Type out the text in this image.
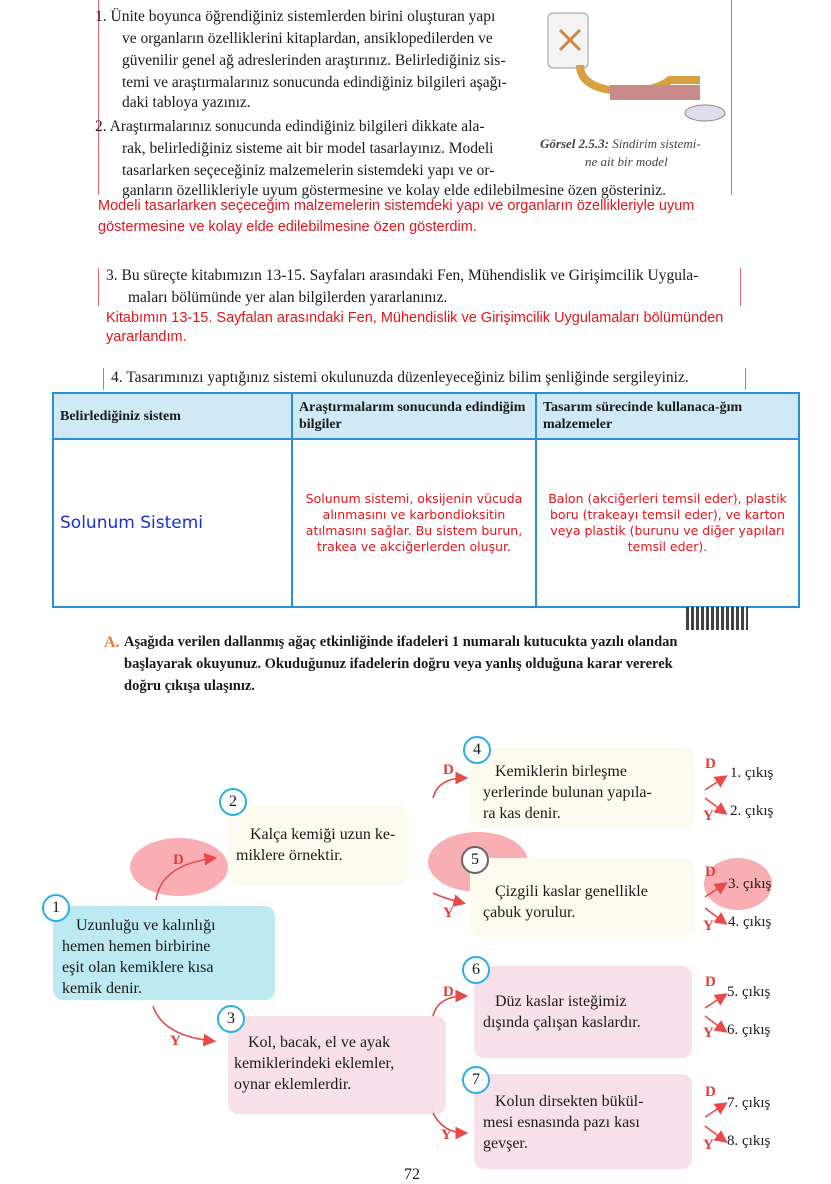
1. Ünite boyunca öğrendiğiniz sistemlerden birini oluşturan yapı
ve organların özelliklerini kitaplardan, ansiklopedilerden ve
güvenilir genel ağ adreslerinden araştırınız. Belirlediğiniz sis-
temi ve araştırmalarınız sonucunda edindiğiniz bilgileri aşağı-
daki tabloya yazınız.
2. Araştırmalarınız sonucunda edindiğiniz bilgileri dikkate ala-
rak, belirlediğiniz sisteme ait bir model tasarlayınız. Modeli
tasarlarken seçeceğiniz malzemelerin sistemdeki yapı ve or-
ganların özellikleriyle uyum göstermesine ve kolay elde edilebilmesine özen gösteriniz.
Modeli tasarlarken seçeceğim malzemelerin sistemdeki yapı ve organların özellikleriyle uyum
göstermesine ve kolay elde edilebilmesine özen gösterdim.
Görsel 2.5.3: Sindirim sistemi-
ne ait bir model
3. Bu süreçte kitabımızın 13-15. Sayfaları arasındaki Fen, Mühendislik ve Girişimcilik Uygula-
maları bölümünde yer alan bilgilerden yararlanınız.
Kitabımın 13-15. Sayfalan arasındaki Fen, Mühendislik ve Girişimcilik Uygulamaları bölümünden
yararlandım.
4. Tasarımınızı yaptığınız sistemi okulunuzda düzenleyeceğiniz bilim şenliğinde sergileyiniz.
Belirlediğiniz sistem	Araştırmalarım sonucunda edindiğim bilgiler	Tasarım sürecinde kullanaca-ğım malzemeler
Solunum Sistemi	Solunum sistemi, oksijenin vücuda alınmasını ve karbondioksitin atılmasını sağlar. Bu sistem burun, trakea ve akciğerlerden oluşur.	Balon (akciğerleri temsil eder), plastik boru (trakeayı temsil eder), ve karton veya plastik (burunu ve diğer yapıları temsil eder).
A. Aşağıda verilen dallanmış ağaç etkinliğinde ifadeleri 1 numaralı kutucukta yazılı olandan
başlayarak okuyunuz. Okuduğunuz ifadelerin doğru veya yanlış olduğuna karar vererek
doğru çıkışa ulaşınız.
1
2
3
4
5
6
7
Uzunluğu ve kalınlığı
hemen hemen birbirine
eşit olan kemiklere kısa
kemik denir.
Kalça kemiği uzun ke-
miklere örnektir.
Kol, bacak, el ve ayak
kemiklerindeki eklemler,
oynar eklemlerdir.
Kemiklerin birleşme
yerlerinde bulunan yapıla-
ra kas denir.
Çizgili kaslar genellikle
çabuk yorulur.
Düz kaslar isteğimiz
dışında çalışan kaslardır.
Kolun dirsekten bükül-
mesi esnasında pazı kası
gevşer.
D
Y
D
Y
D
Y
D
Y
D
Y
D
Y
D
Y
1. çıkış
2. çıkış
3. çıkış
4. çıkış
5. çıkış
6. çıkış
7. çıkış
8. çıkış
72
